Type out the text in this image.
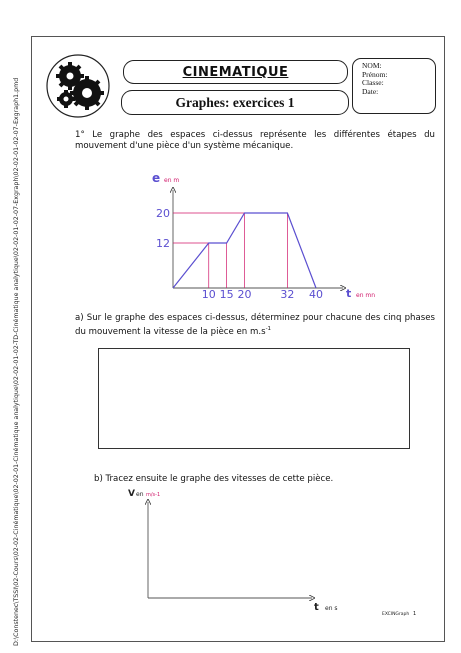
D:\Constenec\TSSI\02-Cours\02-02-Cinématique\02-02-01-Cinématique analytique\02-02-01-02-TD-Cinématique analytique\02-02-01-02-07-Exgraph\02-02-01-02-07-Exgraph1.pmd
CINEMATIQUE
Graphes: exercices 1
NOM:
Prénom:
Classe:
Date:
1° Le graphe des espaces ci-dessus représente les différentes étapes du mouvement d'une pièce d'un système mécanique.
10 15 20	32 40
12
20
e en m
t en mn
a) Sur le graphe des espaces ci-dessus, déterminez pour chacune des cinq phases du mouvement la vitesse de la pièce en $m.s^{-1}$
b) Tracez ensuite le graphe des vitesses de cette pièce.
V en m/s-1
t en s
EXCINGraph 1
